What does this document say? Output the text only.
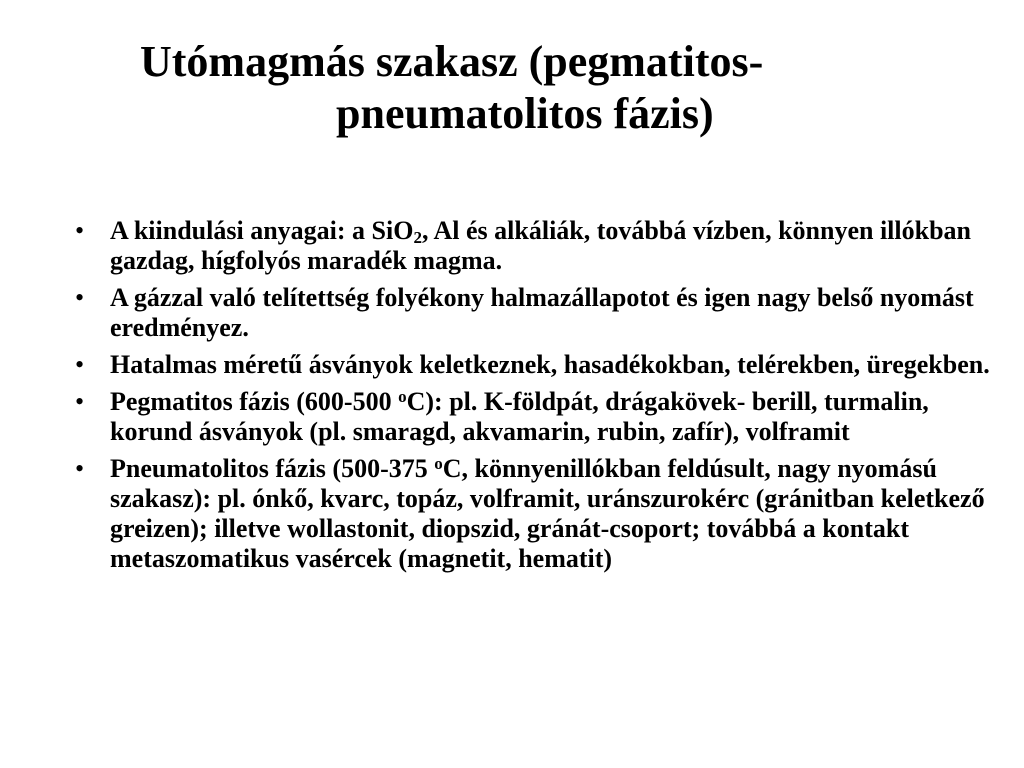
Utómagmás szakasz (pegmatitos-
pneumatolitos fázis)
• A kiindulási anyagai: a SiO$_2$, Al és alkáliák, továbbá vízben, könnyen illókban gazdag, hígfolyós maradék magma.
• A gázzal való telítettség folyékony halmazállapotot és igen nagy belső nyomást eredményez.
• Hatalmas méretű ásványok keletkeznek, hasadékokban, telérekben, üregekben.
• Pegmatitos fázis (600-500 $^o$C): pl. K-földpát, drágakövek- berill, turmalin, korund ásványok (pl. smaragd, akvamarin, rubin, zafír), volframit
• Pneumatolitos fázis (500-375 $^o$C, könnyenillókban feldúsult, nagy nyomású szakasz): pl. ónkő, kvarc, topáz, volframit, uránszurokérc (gránitban keletkező greizen); illetve wollastonit, diopszid, gránát-csoport; továbbá a kontakt metaszomatikus vasércek (magnetit, hematit)
